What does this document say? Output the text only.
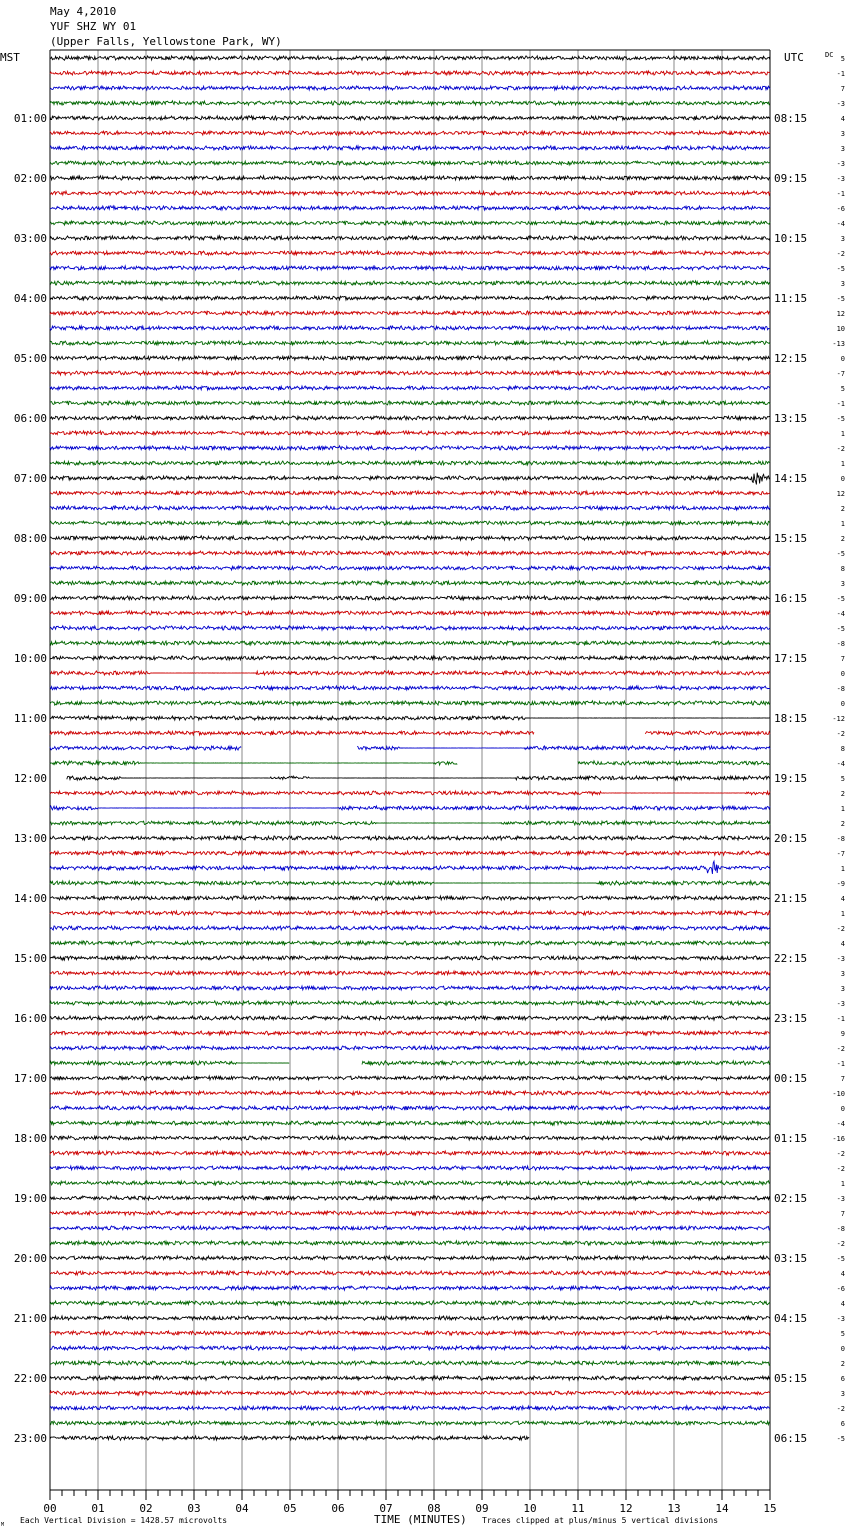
May 4,2010
YUF SHZ WY 01
(Upper Falls, Yellowstone Park, WY)
MST	UTC	DC
M Each Vertical Division = 1428.57 microvolts	TIME (MINUTES) Traces clipped at plus/minus 5 vertical divisions
00	01	02	03	04	05	06	07	08	09	10	11	12	13	14	15
01:00
02:00
03:00
04:00
05:00
06:00
07:00
08:00
09:00
10:00
11:00
12:00
13:00
14:00
15:00
16:00
17:00
18:00
19:00
20:00
21:00
22:00
23:00
08:15
09:15
10:15
11:15
12:15
13:15
14:15
15:15
16:15
17:15
18:15
19:15
20:15
21:15
22:15
23:15
00:15
01:15
02:15
03:15
04:15
05:15
06:15
5
-1
7
-3
4
3
3
-3
-3
-1
-6
-4
3
-2
-5
3
-5
12
10
-13
0
-7
5
-1
-5
1
-2
1
0
12
2
1
2
-5
8
3
-5
-4
-5
-8
7
0
-8
0
-12
-2
8
-4
5
2
1
2
-8
-7
1
-9
4
1
-2
4
-3
3
3
-3
-1
9
-2
-1
7
-10
0
-4
-16
-2
-2
1
-3
7
-8
-2
-5
4
-6
4
-3
5
0
2
6
3
-2
6
-5
